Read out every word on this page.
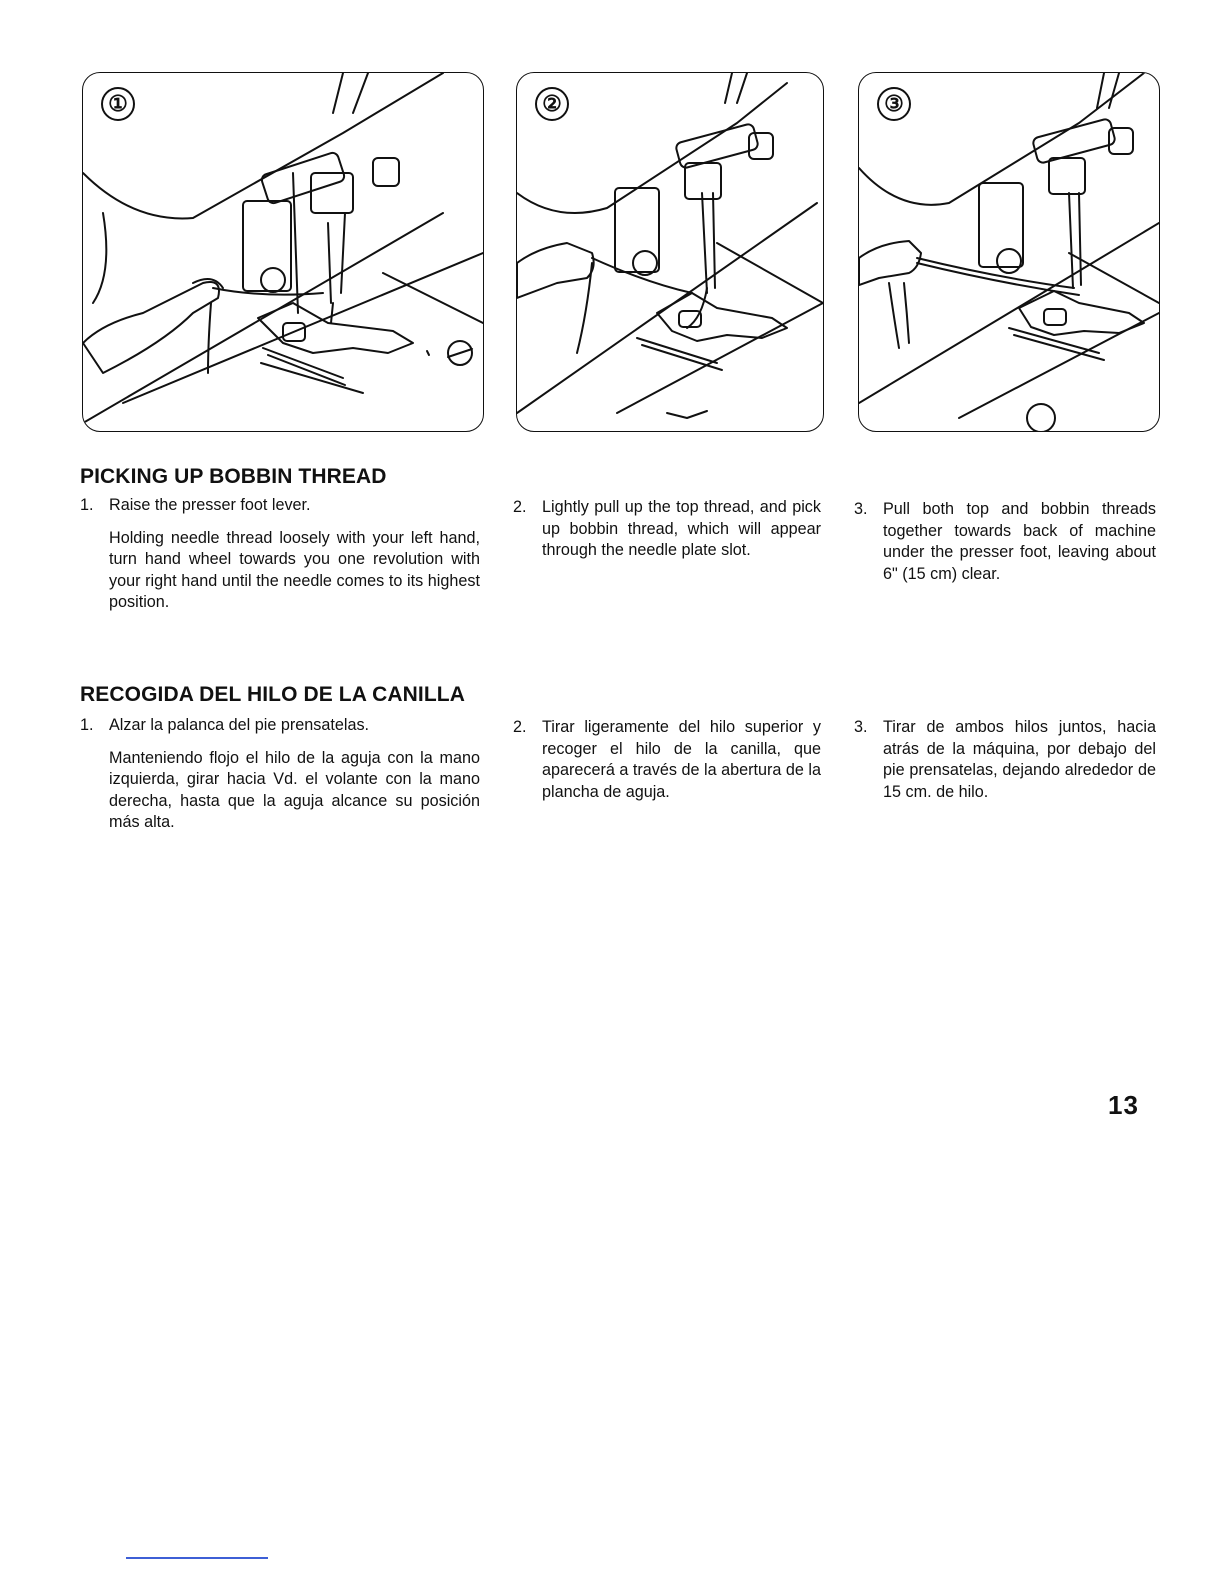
①	②	③
PICKING UP BOBBIN THREAD
1. Raise the presser foot lever.
Holding needle thread loosely with your left hand, turn hand wheel towards you one revolution with your right hand until the needle comes to its highest position.
2. Lightly pull up the top thread, and pick up bobbin thread, which will appear through the needle plate slot.
3. Pull both top and bobbin threads together towards back of machine under the presser foot, leaving about 6" (15 cm) clear.
RECOGIDA DEL HILO DE LA CANILLA
1. Alzar la palanca del pie prensatelas.
Manteniendo flojo el hilo de la aguja con la mano izquierda, girar hacia Vd. el volante con la mano derecha, hasta que la aguja alcance su posición más alta.
2. Tirar ligeramente del hilo superior y recoger el hilo de la canilla, que aparecerá a través de la abertura de la plancha de aguja.
3. Tirar de ambos hilos juntos, hacia atrás de la máquina, por debajo del pie prensatelas, dejando alrededor de 15 cm. de hilo.
13
